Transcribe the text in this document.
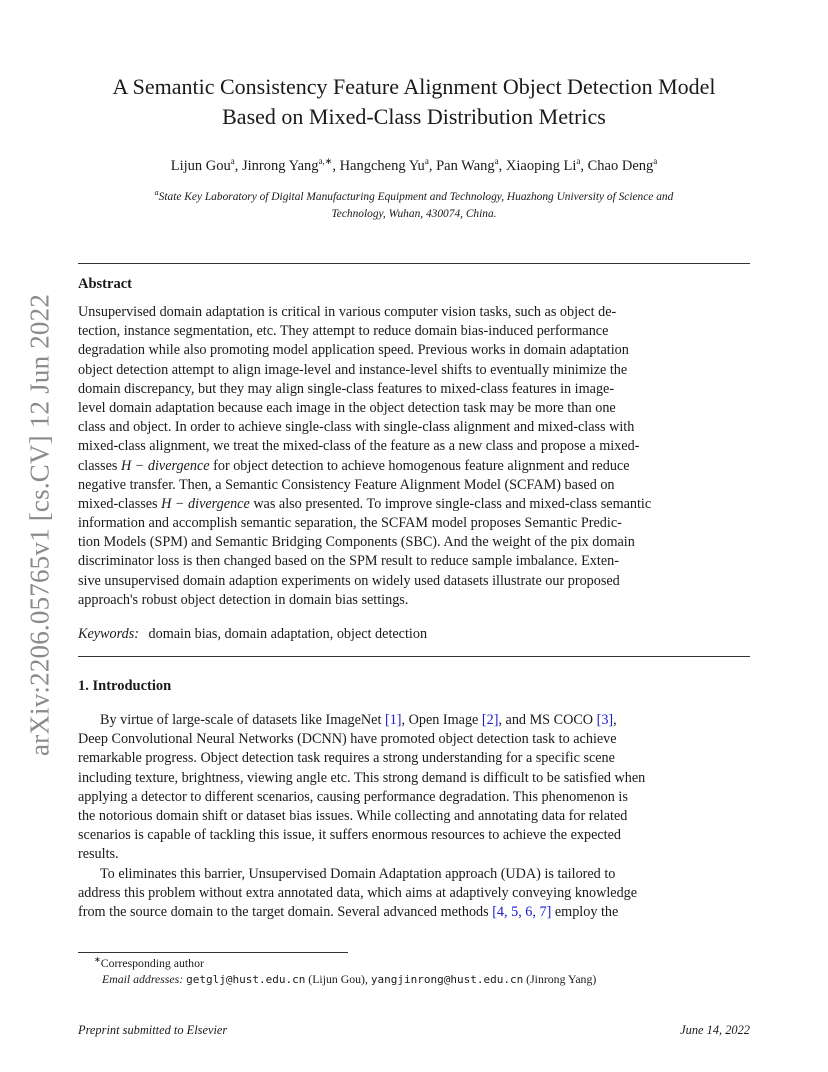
arXiv:2206.05765v1 [cs.CV] 12 Jun 2022
A Semantic Consistency Feature Alignment Object Detection Model
Based on Mixed-Class Distribution Metrics
Lijun Gou$^a$, Jinrong Yang$^{a,∗}$, Hangcheng Yu$^a$, Pan Wang$^a$, Xiaoping Li$^a$, Chao Deng$^a$
$^a$State Key Laboratory of Digital Manufacturing Equipment and Technology, Huazhong University of Science and
Technology, Wuhan, 430074, China.
Abstract
Unsupervised domain adaptation is critical in various computer vision tasks, such as object de-
tection, instance segmentation, etc. They attempt to reduce domain bias-induced performance
degradation while also promoting model application speed. Previous works in domain adaptation
object detection attempt to align image-level and instance-level shifts to eventually minimize the
domain discrepancy, but they may align single-class features to mixed-class features in image-
level domain adaptation because each image in the object detection task may be more than one
class and object. In order to achieve single-class with single-class alignment and mixed-class with
mixed-class alignment, we treat the mixed-class of the feature as a new class and propose a mixed-
classes H − divergence for object detection to achieve homogenous feature alignment and reduce
negative transfer. Then, a Semantic Consistency Feature Alignment Model (SCFAM) based on
mixed-classes H − divergence was also presented. To improve single-class and mixed-class semantic
information and accomplish semantic separation, the SCFAM model proposes Semantic Predic-
tion Models (SPM) and Semantic Bridging Components (SBC). And the weight of the pix domain
discriminator loss is then changed based on the SPM result to reduce sample imbalance. Exten-
sive unsupervised domain adaption experiments on widely used datasets illustrate our proposed
approach's robust object detection in domain bias settings.
Keywords: domain bias, domain adaptation, object detection
1. Introduction
By virtue of large-scale of datasets like ImageNet [1], Open Image [2], and MS COCO [3],
Deep Convolutional Neural Networks (DCNN) have promoted object detection task to achieve
remarkable progress. Object detection task requires a strong understanding for a specific scene
including texture, brightness, viewing angle etc. This strong demand is difficult to be satisfied when
applying a detector to different scenarios, causing performance degradation. This phenomenon is
the notorious domain shift or dataset bias issues. While collecting and annotating data for related
scenarios is capable of tackling this issue, it suffers enormous resources to achieve the expected
results.
To eliminates this barrier, Unsupervised Domain Adaptation approach (UDA) is tailored to
address this problem without extra annotated data, which aims at adaptively conveying knowledge
from the source domain to the target domain. Several advanced methods [4, 5, 6, 7] employ the
∗Corresponding author
Email addresses: getglj@hust.edu.cn (Lijun Gou), yangjinrong@hust.edu.cn (Jinrong Yang)
Preprint submitted to Elsevier	June 14, 2022
